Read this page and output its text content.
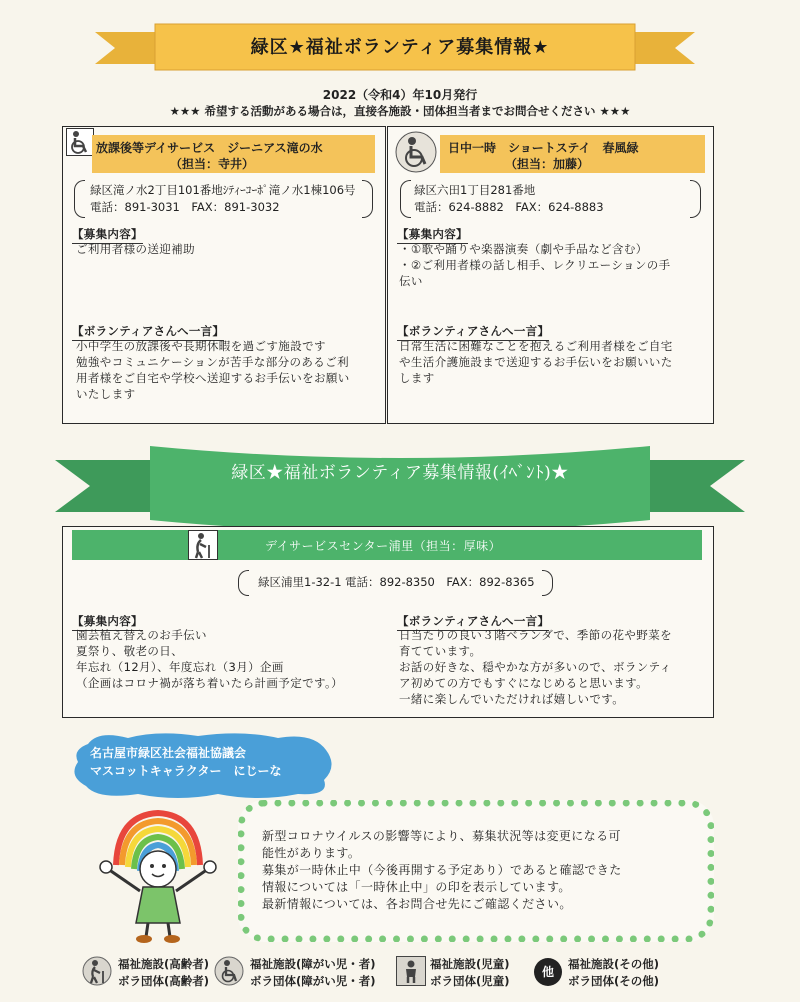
緑区★福祉ボランティア募集情報★
2022（令和4）年10月発行
★★★ 希望する活動がある場合は，直接各施設・団体担当者までお問合せください ★★★
放課後等デイサービス　ジーニアス滝の水
（担当：寺井）
緑区滝ノ水2丁目101番地ｼﾃｨｰｺｰﾎﾟ滝ノ水1棟106号
電話：891-3031　FAX：891-3032
【募集内容】
ご利用者様の送迎補助
【ボランティアさんへ一言】
小中学生の放課後や長期休暇を過ごす施設です
勉強やコミュニケーションが苦手な部分のあるご利
用者様をご自宅や学校へ送迎するお手伝いをお願い
いたします
日中一時　ショートステイ　春風緑
（担当：加藤）
緑区六田1丁目281番地
電話：624-8882　FAX：624-8883
【募集内容】
・①歌や踊りや楽器演奏（劇や手品など含む）
・②ご利用者様の話し相手、レクリエーションの手
伝い
【ボランティアさんへ一言】
日常生活に困難なことを抱えるご利用者様をご自宅
や生活介護施設まで送迎するお手伝いをお願いいた
します
緑区★福祉ボランティア募集情報(ｲﾍﾞﾝﾄ)★
デイサービスセンター浦里（担当：厚味）
緑区浦里1-32-1 電話：892-8350　FAX：892-8365
【募集内容】
園芸植え替えのお手伝い
夏祭り、敬老の日、
年忘れ（12月）、年度忘れ（3月）企画
（企画はコロナ禍が落ち着いたら計画予定です。）
【ボランティアさんへ一言】
日当たりの良い３階ベランダで、季節の花や野菜を
育てています。
お話の好きな、穏やかな方が多いので、ボランティ
ア初めての方でもすぐになじめると思います。
一緒に楽しんでいただければ嬉しいです。
名古屋市緑区社会福祉協議会
マスコットキャラクター　にじーな
新型コロナウイルスの影響等により、募集状況等は変更になる可
能性があります。
募集が一時休止中（今後再開する予定あり）であると確認できた
情報については「一時休止中」の印を表示しています。
最新情報については、各お問合せ先にご確認ください。
福祉施設(高齢者)
ボラ団体(高齢者)
福祉施設(障がい児・者)
ボラ団体(障がい児・者)
福祉施設(児童)
ボラ団体(児童)
他
福祉施設(その他)
ボラ団体(その他)
